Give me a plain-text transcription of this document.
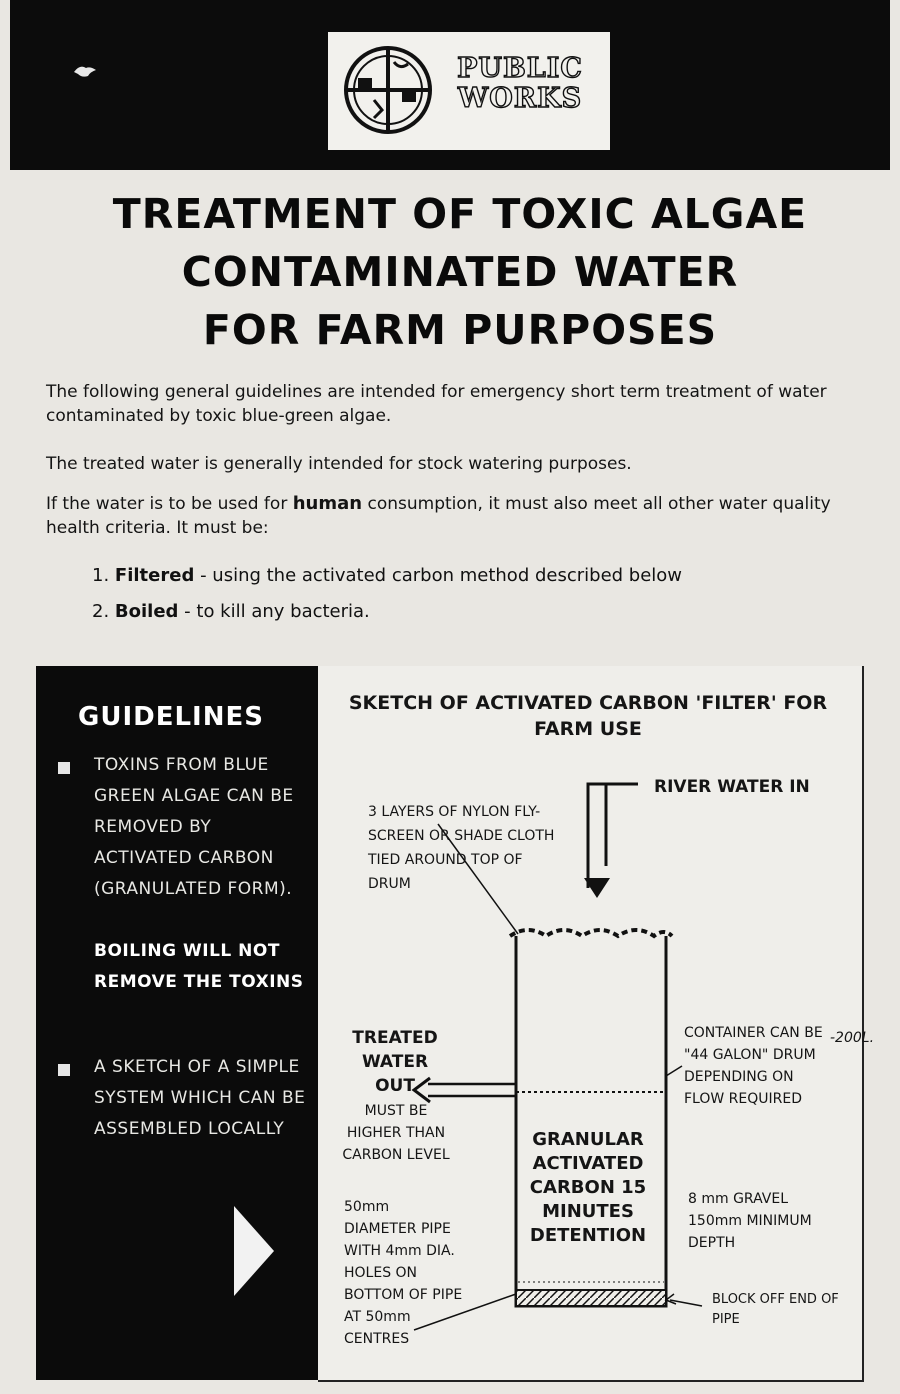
PUBLIC
WORKS
TREATMENT OF TOXIC ALGAE
CONTAMINATED WATER
FOR FARM PURPOSES
The following general guidelines are intended for emergency short term treatment of water contaminated by toxic blue-green algae.
The treated water is generally intended for stock watering purposes.
If the water is to be used for human consumption, it must also meet all other water quality health criteria. It must be:
1. Filtered - using the activated carbon method described below
2. Boiled - to kill any bacteria.
GUIDELINES
TOXINS FROM BLUE GREEN ALGAE CAN BE REMOVED BY ACTIVATED CARBON (GRANULATED FORM).
BOILING WILL NOT REMOVE THE TOXINS
A SKETCH OF A SIMPLE SYSTEM WHICH CAN BE ASSEMBLED LOCALLY
SKETCH OF ACTIVATED CARBON 'FILTER' FOR FARM USE
RIVER WATER IN
3 LAYERS OF NYLON FLY-SCREEN OR SHADE CLOTH TIED AROUND TOP OF DRUM
TREATED WATER OUT
MUST BE HIGHER THAN CARBON LEVEL
CONTAINER CAN BE "44 GALON" DRUM DEPENDING ON FLOW REQUIRED
-200L.
GRANULAR ACTIVATED CARBON 15 MINUTES DETENTION
8 mm GRAVEL 150mm MINIMUM DEPTH
50mm DIAMETER PIPE WITH 4mm DIA. HOLES ON BOTTOM OF PIPE AT 50mm CENTRES
BLOCK OFF END OF PIPE
